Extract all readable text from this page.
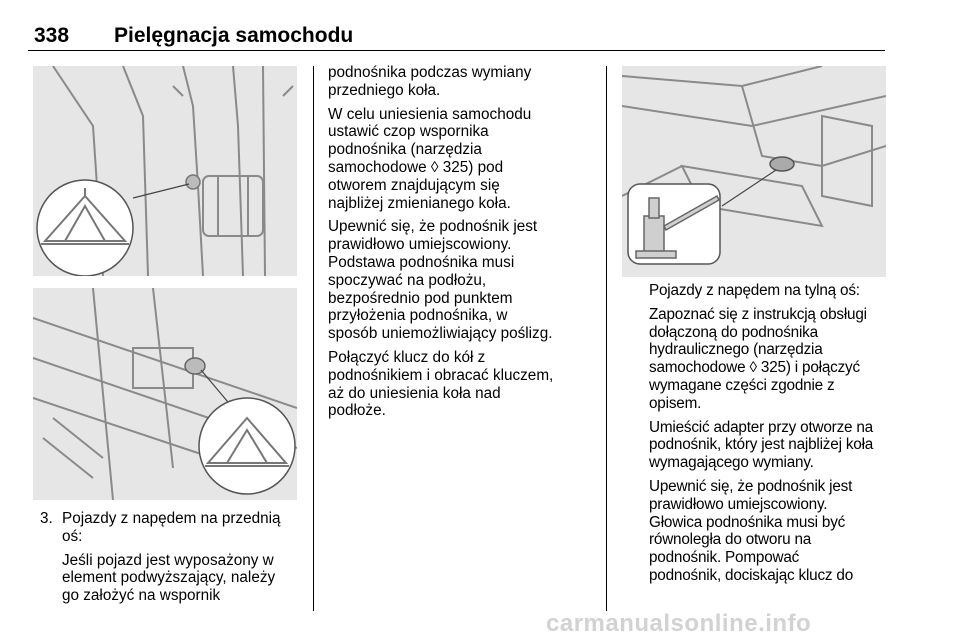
338 Pielęgnacja samochodu

3. Pojazdy z napędem na przednią
oś:

Jeśli pojazd jest wyposażony w
element podwyższający, należy
go założyć na wspornik

podnośnika podczas wymiany
przedniego koła.

W celu uniesienia samochodu
ustawić czop wspornika
podnośnika (narzędzia
samochodowe ◊ 325) pod
otworem znajdującym się
najbliżej zmienianego koła.

Upewnić się, że podnośnik jest
prawidłowo umiejscowiony.
Podstawa podnośnika musi
spoczywać na podłożu,
bezpośrednio pod punktem
przyłożenia podnośnika, w
sposób uniemożliwiający poślizg.

Połączyć klucz do kół z
podnośnikiem i obracać kluczem,
aż do uniesienia koła nad
podłoże.

Pojazdy z napędem na tylną oś:

Zapoznać się z instrukcją obsługi
dołączoną do podnośnika
hydraulicznego (narzędzia
samochodowe ◊ 325) i połączyć
wymagane części zgodnie z
opisem.

Umieścić adapter przy otworze na
podnośnik, który jest najbliżej koła
wymagającego wymiany.

Upewnić się, że podnośnik jest
prawidłowo umiejscowiony.
Głowica podnośnika musi być
równoległa do otworu na
podnośnik. Pompować
podnośnik, dociskając klucz do

carmanualsonline.info
